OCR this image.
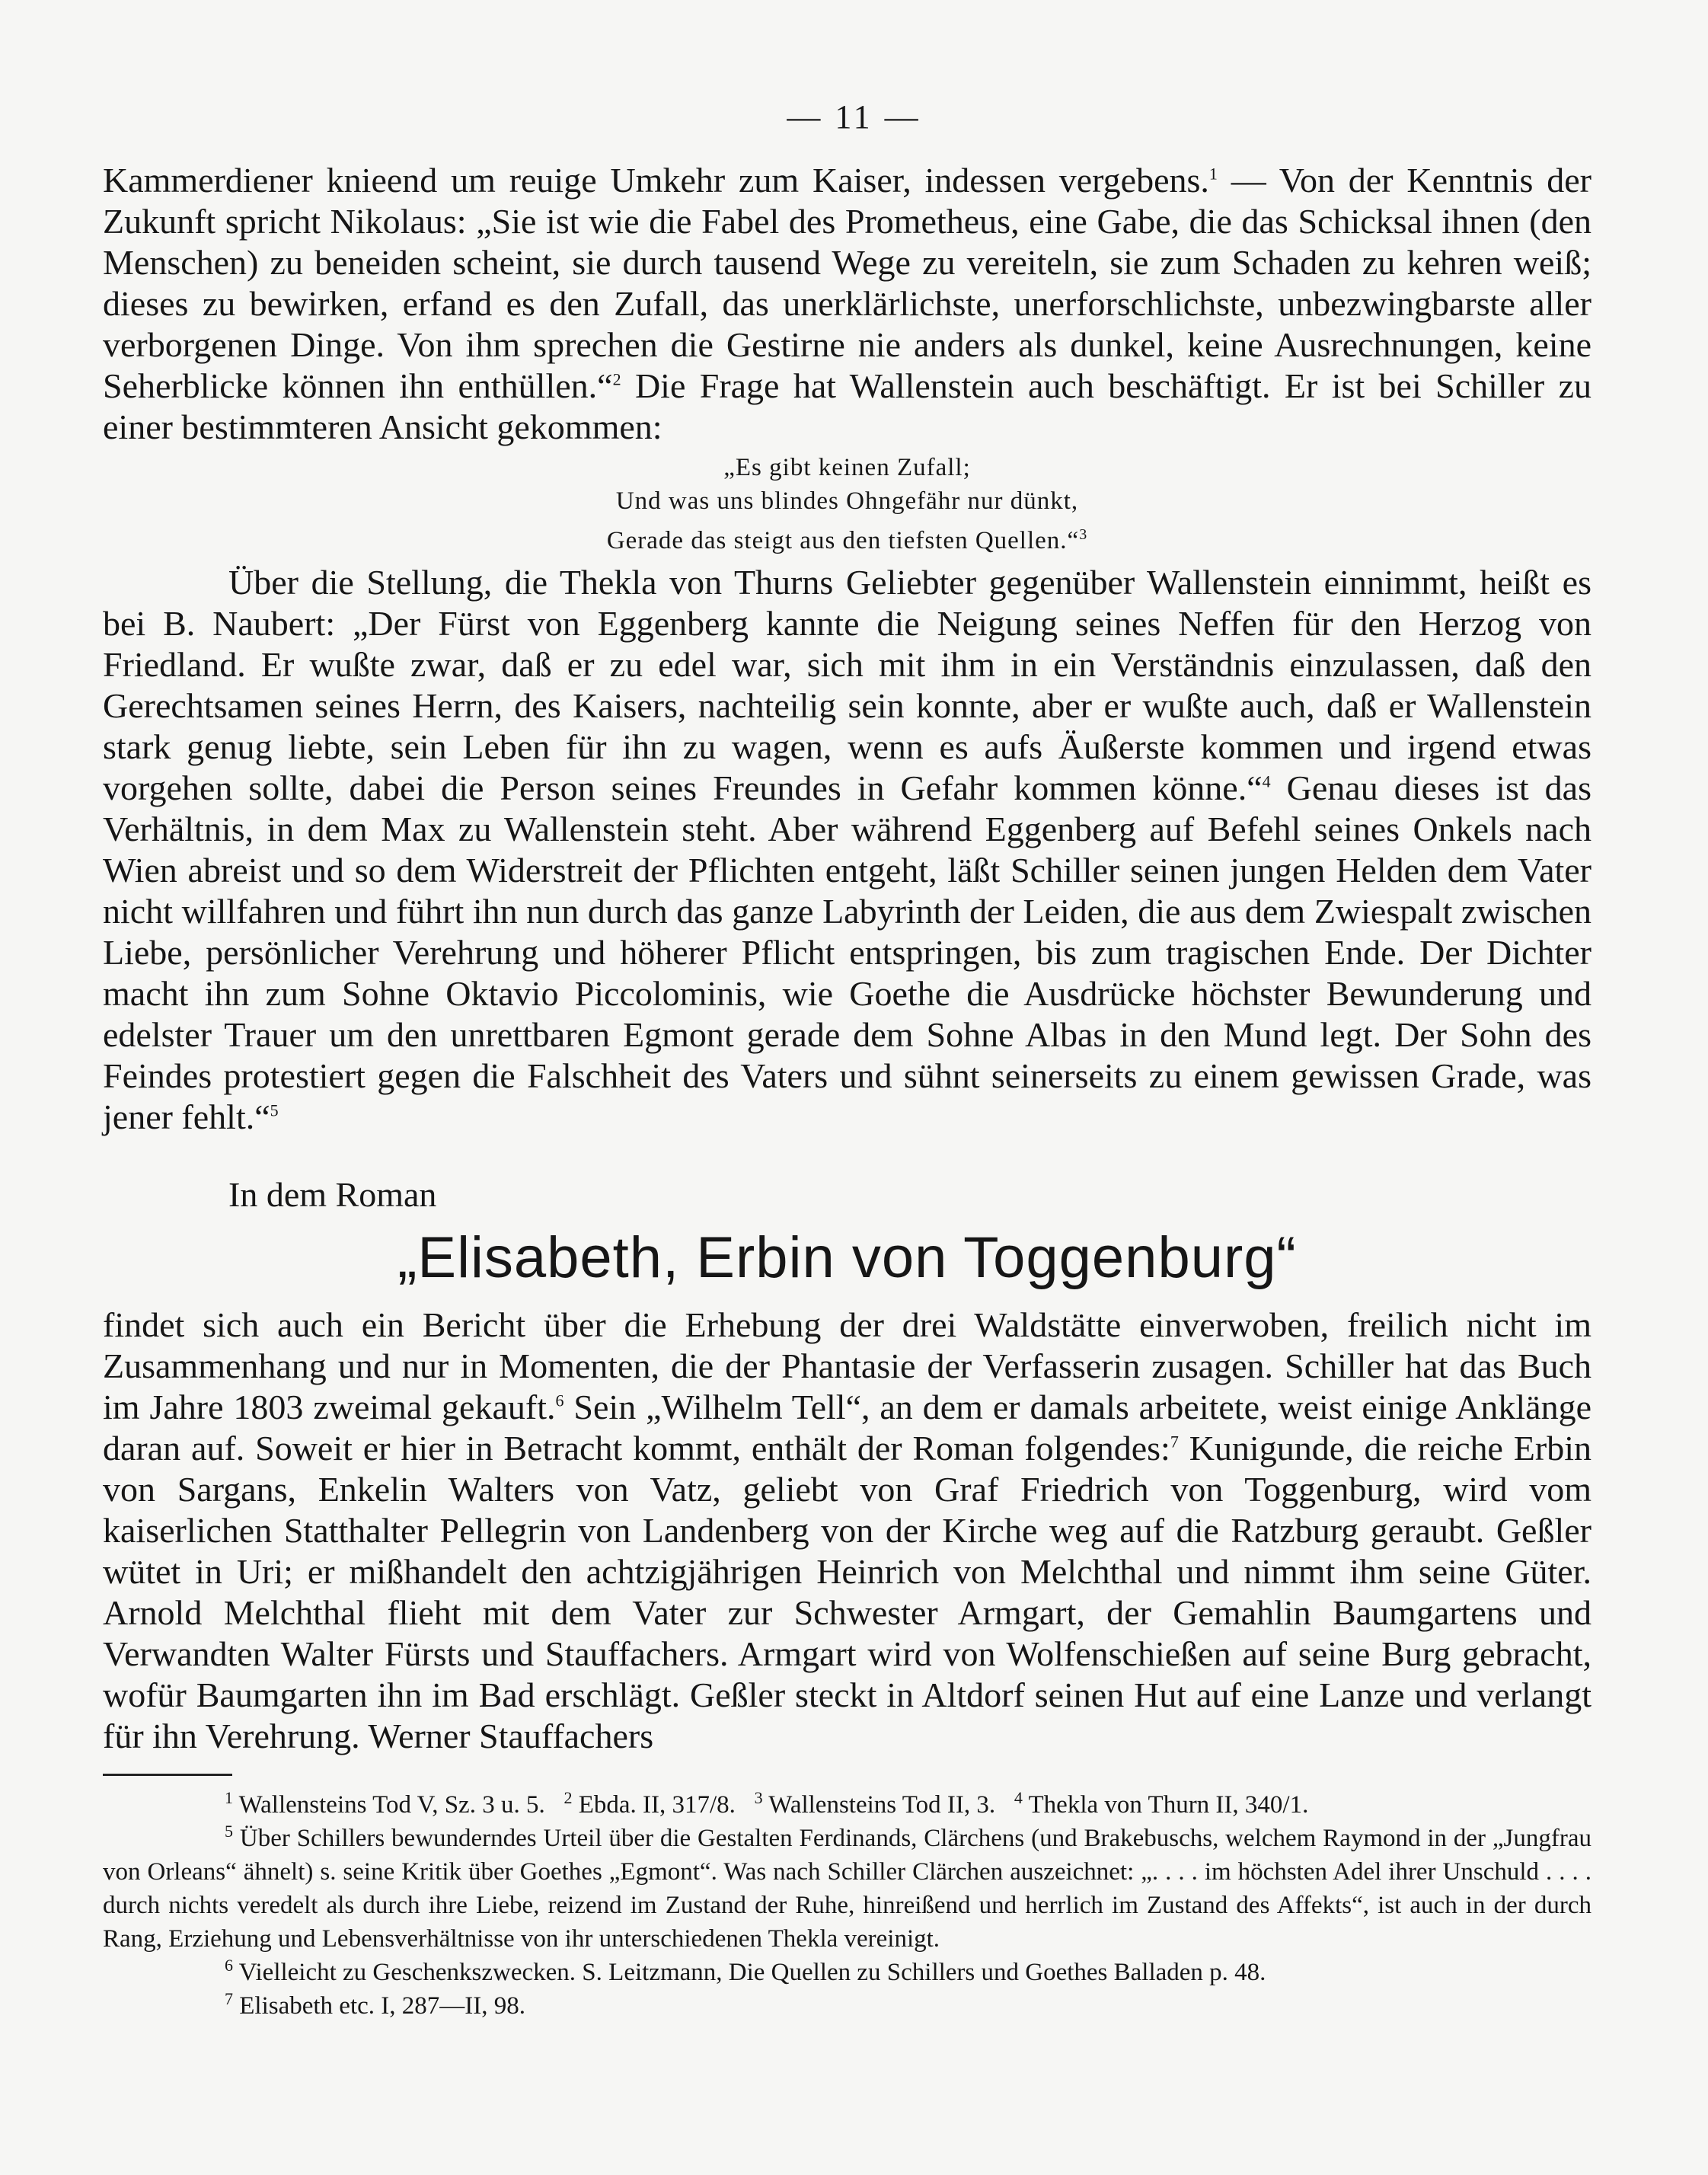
— 11 —

Kammerdiener knieend um reuige Umkehr zum Kaiser, indessen vergebens.$^1$ — Von der Kenntnis der Zukunft spricht Nikolaus: „Sie ist wie die Fabel des Prometheus, eine Gabe, die das Schicksal ihnen (den Menschen) zu beneiden scheint, sie durch tausend Wege zu vereiteln, sie zum Schaden zu kehren weiß; dieses zu bewirken, erfand es den Zufall, das unerklärlichste, unerforschlichste, unbezwingbarste aller verborgenen Dinge. Von ihm sprechen die Gestirne nie anders als dunkel, keine Ausrechnungen, keine Seherblicke können ihn enthüllen.“$^2$ Die Frage hat Wallenstein auch beschäftigt. Er ist bei Schiller zu einer bestimmteren Ansicht gekommen:

„Es gibt keinen Zufall;
Und was uns blindes Ohngefähr nur dünkt,
Gerade das steigt aus den tiefsten Quellen.“$^3$

Über die Stellung, die Thekla von Thurns Geliebter gegenüber Wallenstein einnimmt, heißt es bei B. Naubert: „Der Fürst von Eggenberg kannte die Neigung seines Neffen für den Herzog von Friedland. Er wußte zwar, daß er zu edel war, sich mit ihm in ein Verständnis einzulassen, daß den Gerechtsamen seines Herrn, des Kaisers, nachteilig sein konnte, aber er wußte auch, daß er Wallenstein stark genug liebte, sein Leben für ihn zu wagen, wenn es aufs Äußerste kommen und irgend etwas vorgehen sollte, dabei die Person seines Freundes in Gefahr kommen könne.“$^4$ Genau dieses ist das Verhältnis, in dem Max zu Wallenstein steht. Aber während Eggenberg auf Befehl seines Onkels nach Wien abreist und so dem Widerstreit der Pflichten entgeht, läßt Schiller seinen jungen Helden dem Vater nicht willfahren und führt ihn nun durch das ganze Labyrinth der Leiden, die aus dem Zwiespalt zwischen Liebe, persönlicher Verehrung und höherer Pflicht entspringen, bis zum tragischen Ende. Der Dichter macht ihn zum Sohne Oktavio Piccolominis, wie Goethe die Ausdrücke höchster Bewunderung und edelster Trauer um den unrettbaren Egmont gerade dem Sohne Albas in den Mund legt. Der Sohn des Feindes protestiert gegen die Falschheit des Vaters und sühnt seinerseits zu einem gewissen Grade, was jener fehlt.“$^5$

In dem Roman
„Elisabeth, Erbin von Toggenburg“

findet sich auch ein Bericht über die Erhebung der drei Waldstätte einverwoben, freilich nicht im Zusammenhang und nur in Momenten, die der Phantasie der Verfasserin zusagen. Schiller hat das Buch im Jahre 1803 zweimal gekauft.$^6$ Sein „Wilhelm Tell“, an dem er damals arbeitete, weist einige Anklänge daran auf. Soweit er hier in Betracht kommt, enthält der Roman folgendes:$^7$ Kunigunde, die reiche Erbin von Sargans, Enkelin Walters von Vatz, geliebt von Graf Friedrich von Toggenburg, wird vom kaiserlichen Statthalter Pellegrin von Landenberg von der Kirche weg auf die Ratzburg geraubt. Geßler wütet in Uri; er mißhandelt den achtzigjährigen Heinrich von Melchthal und nimmt ihm seine Güter. Arnold Melchthal flieht mit dem Vater zur Schwester Armgart, der Gemahlin Baumgartens und Verwandten Walter Fürsts und Stauffachers. Armgart wird von Wolfenschießen auf seine Burg gebracht, wofür Baumgarten ihn im Bad erschlägt. Geßler steckt in Altdorf seinen Hut auf eine Lanze und verlangt für ihn Verehrung. Werner Stauffachers

$^1$ Wallensteins Tod V, Sz. 3 u. 5. $^2$ Ebda. II, 317/8. $^3$ Wallensteins Tod II, 3. $^4$ Thekla von Thurn II, 340/1.

$^5$ Über Schillers bewunderndes Urteil über die Gestalten Ferdinands, Clärchens (und Brakebuschs, welchem Raymond in der „Jungfrau von Orleans“ ähnelt) s. seine Kritik über Goethes „Egmont“. Was nach Schiller Clärchen auszeichnet: „. . . . im höchsten Adel ihrer Unschuld . . . . durch nichts veredelt als durch ihre Liebe, reizend im Zustand der Ruhe, hinreißend und herrlich im Zustand des Affekts“, ist auch in der durch Rang, Erziehung und Lebensverhältnisse von ihr unterschiedenen Thekla vereinigt.

$^6$ Vielleicht zu Geschenkszwecken. S. Leitzmann, Die Quellen zu Schillers und Goethes Balladen p. 48.

$^7$ Elisabeth etc. I, 287—II, 98.
